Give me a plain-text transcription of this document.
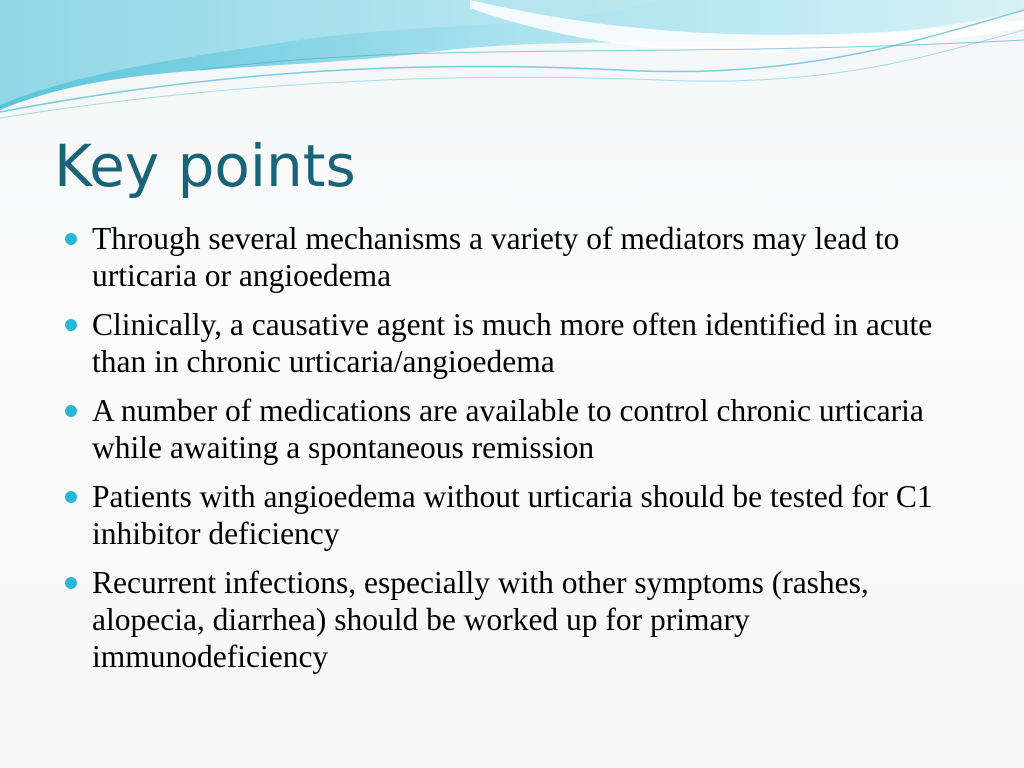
Key points
Through several mechanisms a variety of mediators may lead to urticaria or angioedema
Clinically, a causative agent is much more often identified in acute than in chronic urticaria/angioedema
A number of medications are available to control chronic urticaria while awaiting a spontaneous remission
Patients with angioedema without urticaria should be tested for C1 inhibitor deficiency
Recurrent infections, especially with other symptoms (rashes, alopecia, diarrhea) should be worked up for primary immunodeficiency
